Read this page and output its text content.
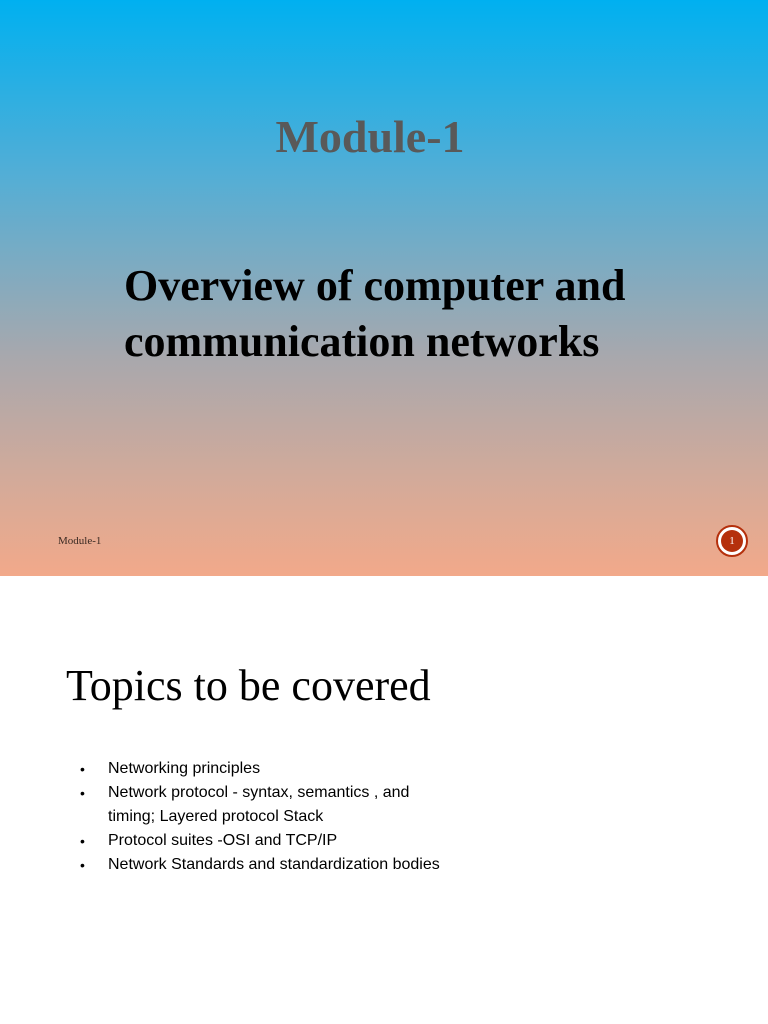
Module-1
Overview of computer and
communication networks
Module-1	1
Topics to be covered
•	Networking principles
•	Network protocol - syntax, semantics , and timing; Layered protocol Stack
•	Protocol suites -OSI and TCP/IP
•	Network Standards and standardization bodies
